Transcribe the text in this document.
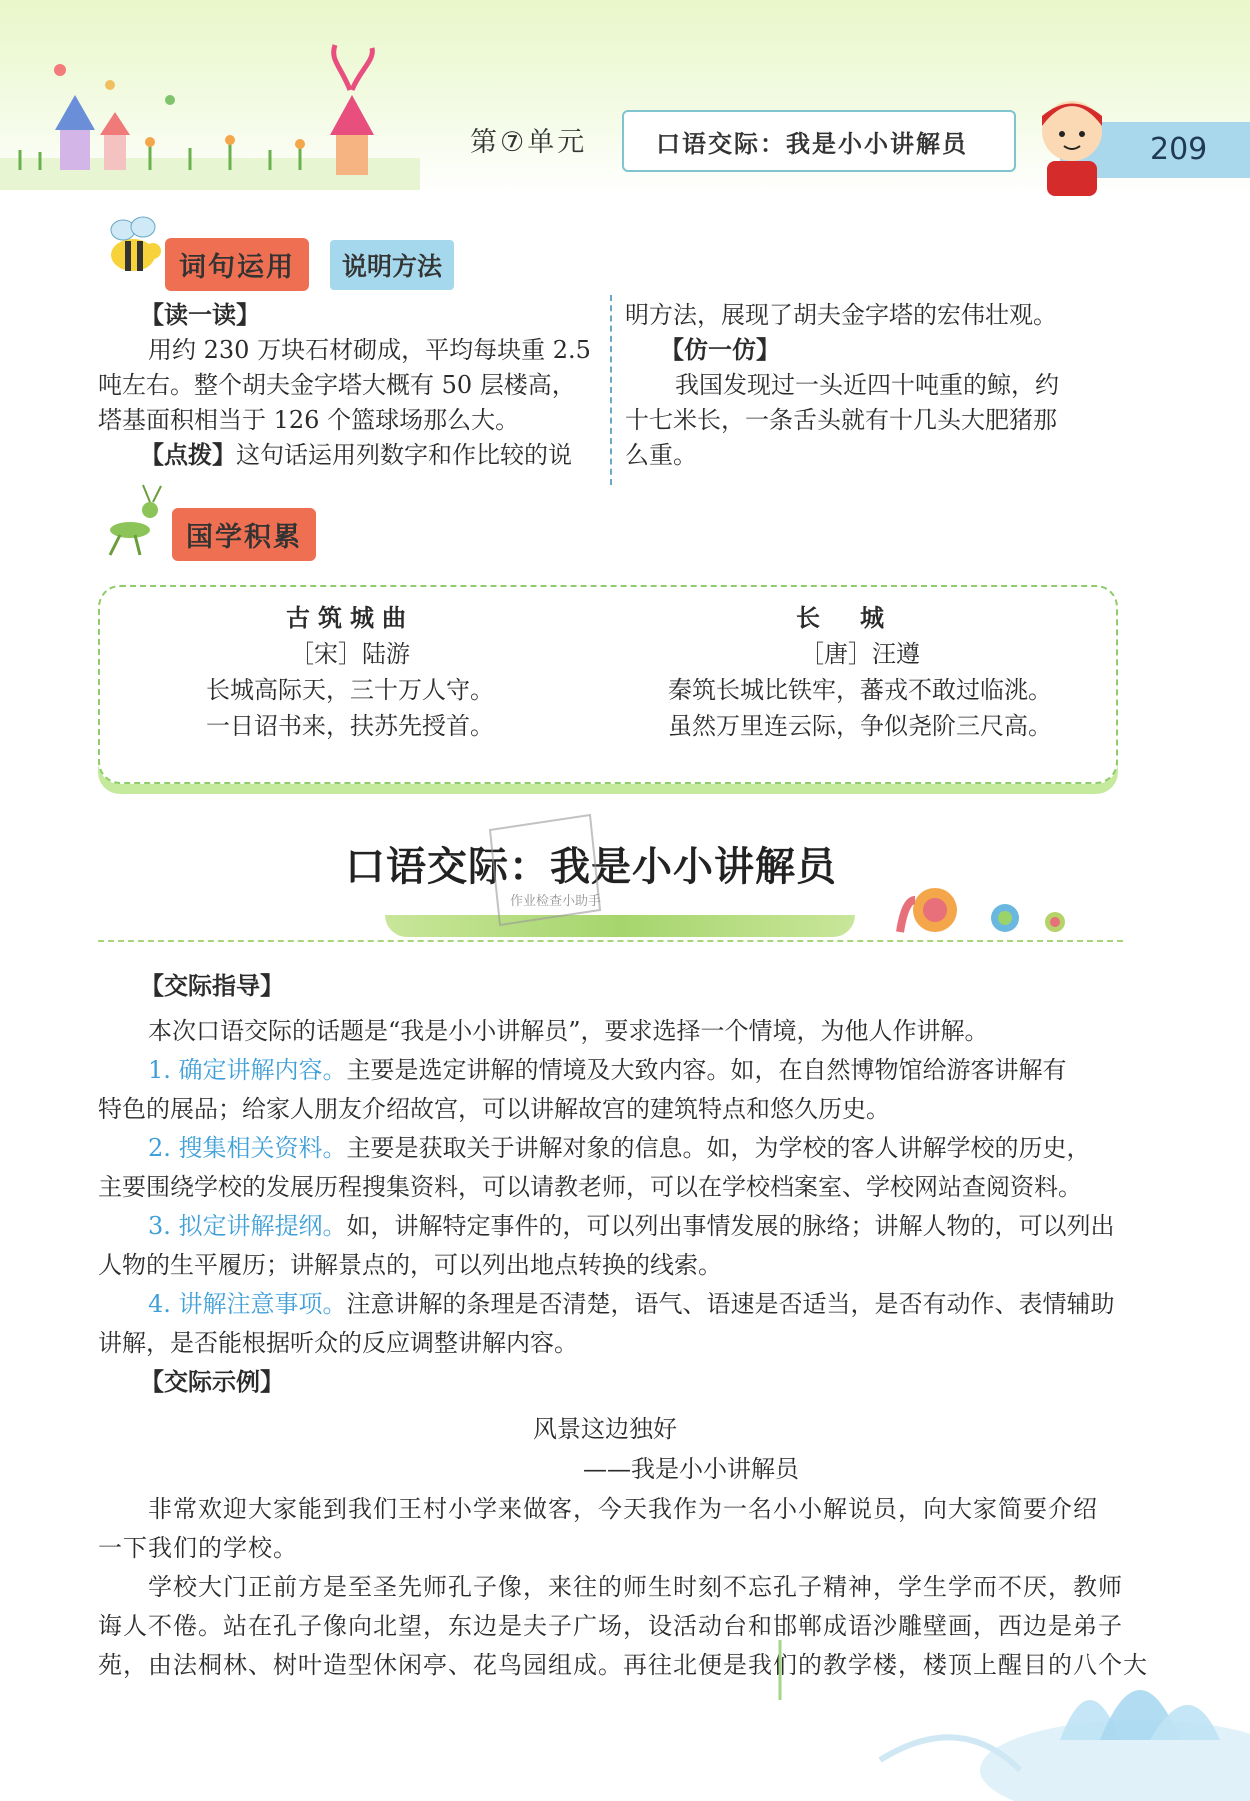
第⑦单元	口语交际：我是小小讲解员	209
词句运用	说明方法
【读一读】
用约 230 万块石材砌成，平均每块重 2.5
吨左右。整个胡夫金字塔大概有 50 层楼高，
塔基面积相当于 126 个篮球场那么大。
【点拨】这句话运用列数字和作比较的说
明方法，展现了胡夫金字塔的宏伟壮观。
【仿一仿】
我国发现过一头近四十吨重的鲸，约
十七米长，一条舌头就有十几头大肥猪那
么重。
国学积累
古筑城曲
［宋］陆游
长城高际天，三十万人守。
一日诏书来，扶苏先授首。
长城
［唐］汪遵
秦筑长城比铁牢，蕃戎不敢过临洮。
虽然万里连云际，争似尧阶三尺高。
口语交际：我是小小讲解员
作业检查小助手
【交际指导】
本次口语交际的话题是“我是小小讲解员”，要求选择一个情境，为他人作讲解。
1. 确定讲解内容。主要是选定讲解的情境及大致内容。如，在自然博物馆给游客讲解有
特色的展品；给家人朋友介绍故宫，可以讲解故宫的建筑特点和悠久历史。
2. 搜集相关资料。主要是获取关于讲解对象的信息。如，为学校的客人讲解学校的历史，
主要围绕学校的发展历程搜集资料，可以请教老师，可以在学校档案室、学校网站查阅资料。
3. 拟定讲解提纲。如，讲解特定事件的，可以列出事情发展的脉络；讲解人物的，可以列出
人物的生平履历；讲解景点的，可以列出地点转换的线索。
4. 讲解注意事项。注意讲解的条理是否清楚，语气、语速是否适当，是否有动作、表情辅助
讲解，是否能根据听众的反应调整讲解内容。
【交际示例】
风景这边独好
——我是小小讲解员
非常欢迎大家能到我们王村小学来做客，今天我作为一名小小解说员，向大家简要介绍
一下我们的学校。
学校大门正前方是至圣先师孔子像，来往的师生时刻不忘孔子精神，学生学而不厌，教师
诲人不倦。站在孔子像向北望，东边是夫子广场，设活动台和邯郸成语沙雕壁画，西边是弟子
苑，由法桐林、树叶造型休闲亭、花鸟园组成。再往北便是我们的教学楼，楼顶上醒目的八个大
